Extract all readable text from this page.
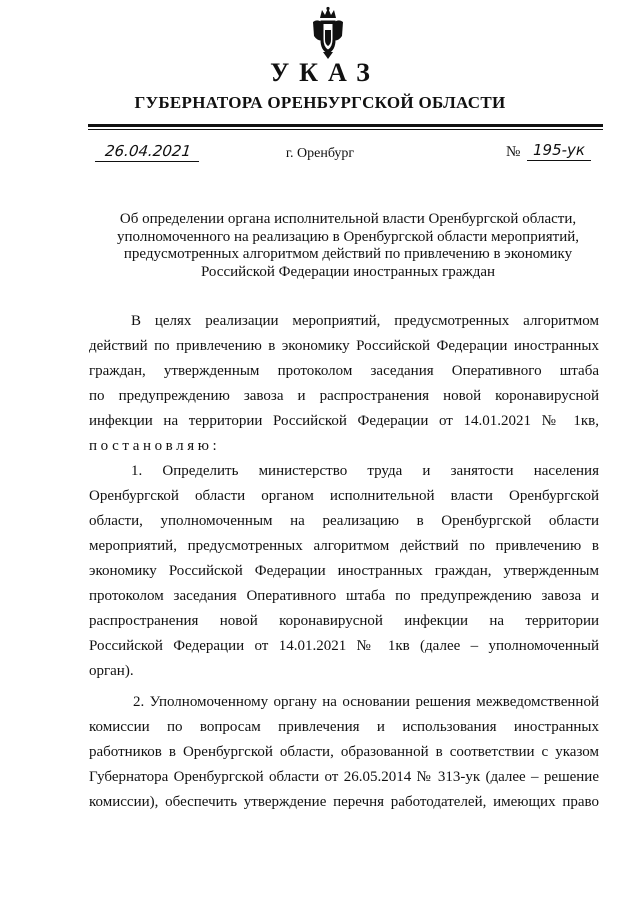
УКАЗ
ГУБЕРНАТОРА ОРЕНБУРГСКОЙ ОБЛАСТИ
26.04.2021	г. Оренбург	№ 195-ук
Об определении органа исполнительной власти Оренбургской области,
уполномоченного на реализацию в Оренбургской области мероприятий,
предусмотренных алгоритмом действий по привлечению в экономику
Российской Федерации иностранных граждан
В целях реализации мероприятий, предусмотренных алгоритмом
действий по привлечению в экономику Российской Федерации иностранных
граждан, утвержденным протоколом заседания Оперативного штаба
по предупреждению завоза и распространения новой коронавирусной
инфекции на территории Российской Федерации от 14.01.2021 № 1кв,
постановляю:
1. Определить министерство труда и занятости населения
Оренбургской области органом исполнительной власти Оренбургской
области, уполномоченным на реализацию в Оренбургской области
мероприятий, предусмотренных алгоритмом действий по привлечению в
экономику Российской Федерации иностранных граждан, утвержденным
протоколом заседания Оперативного штаба по предупреждению завоза и
распространения новой коронавирусной инфекции на территории
Российской Федерации от 14.01.2021 № 1кв (далее – уполномоченный
орган).
2. Уполномоченному органу на основании решения межведомственной
комиссии по вопросам привлечения и использования иностранных
работников в Оренбургской области, образованной в соответствии с указом
Губернатора Оренбургской области от 26.05.2014 № 313-ук (далее – решение
комиссии), обеспечить утверждение перечня работодателей, имеющих право
